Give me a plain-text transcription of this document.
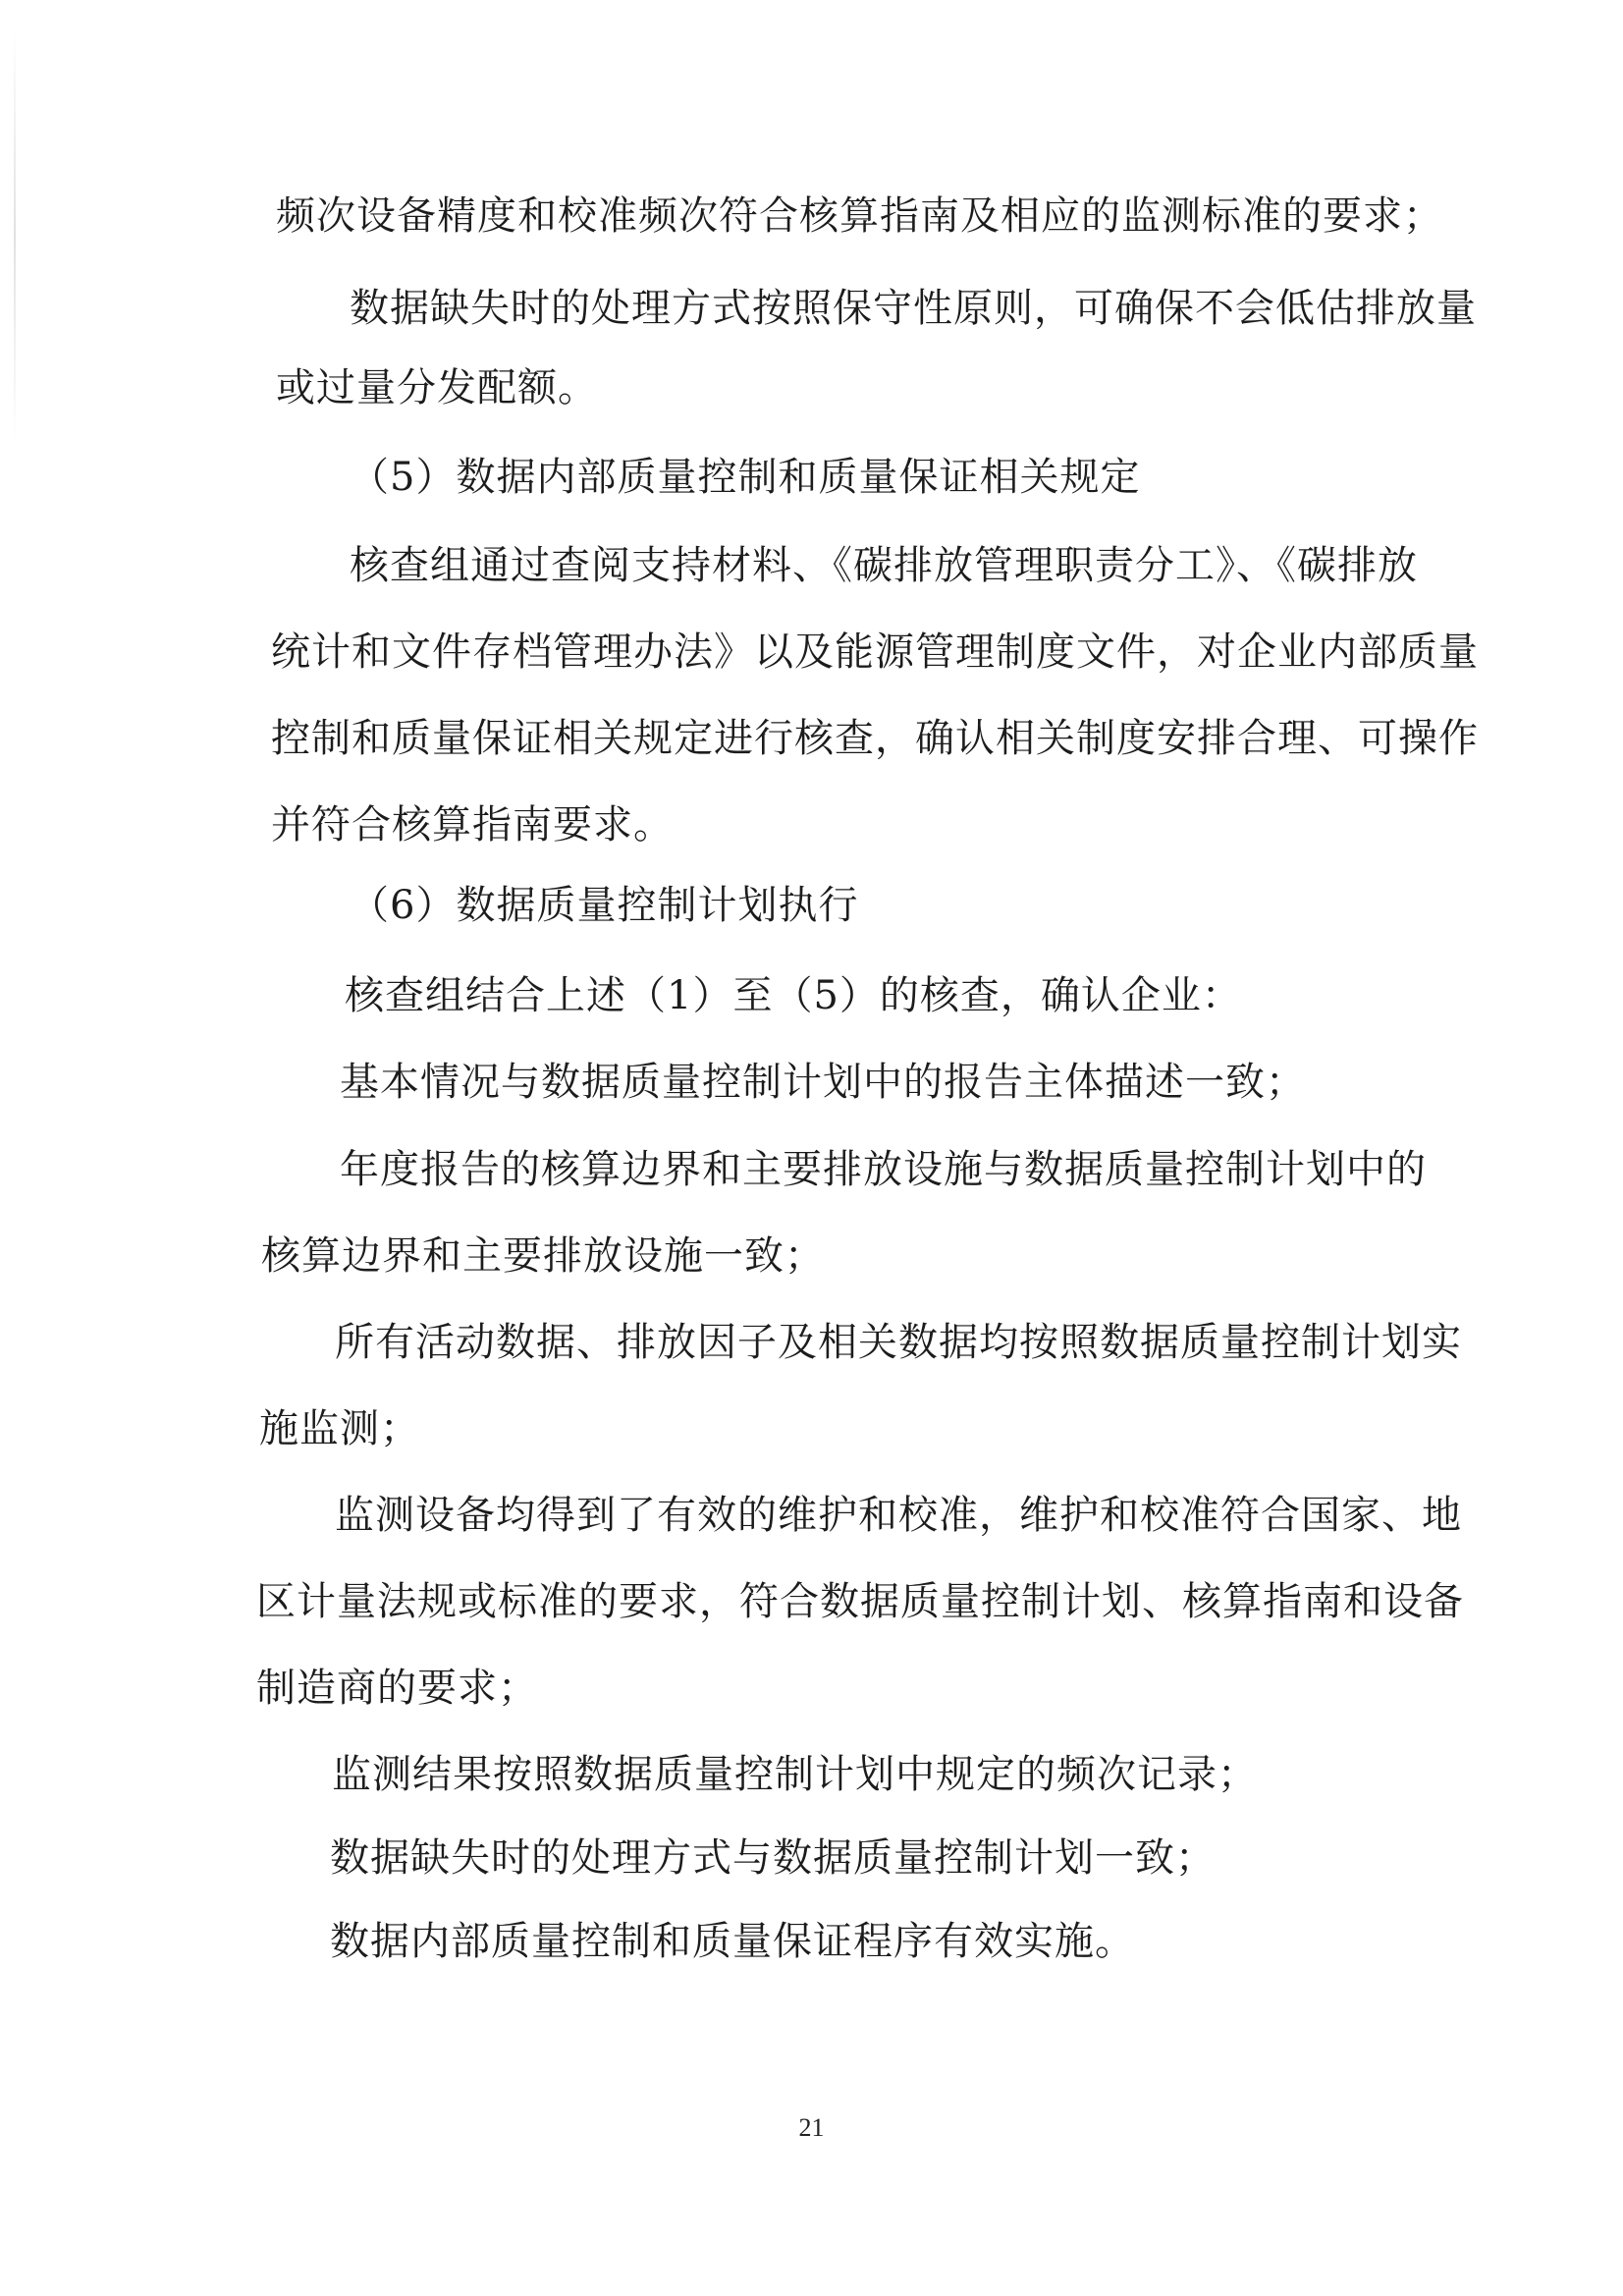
频次设备精度和校准频次符合核算指南及相应的监测标准的要求；
数据缺失时的处理方式按照保守性原则，可确保不会低估排放量
或过量分发配额。
（5）数据内部质量控制和质量保证相关规定
核查组通过查阅支持材料、《碳排放管理职责分工》、《碳排放
统计和文件存档管理办法》以及能源管理制度文件，对企业内部质量
控制和质量保证相关规定进行核查，确认相关制度安排合理、可操作
并符合核算指南要求。
（6）数据质量控制计划执行
核查组结合上述（1）至（5）的核查，确认企业：
基本情况与数据质量控制计划中的报告主体描述一致；
年度报告的核算边界和主要排放设施与数据质量控制计划中的
核算边界和主要排放设施一致；
所有活动数据、排放因子及相关数据均按照数据质量控制计划实
施监测；
监测设备均得到了有效的维护和校准，维护和校准符合国家、地
区计量法规或标准的要求，符合数据质量控制计划、核算指南和设备
制造商的要求；
监测结果按照数据质量控制计划中规定的频次记录；
数据缺失时的处理方式与数据质量控制计划一致；
数据内部质量控制和质量保证程序有效实施。
21
